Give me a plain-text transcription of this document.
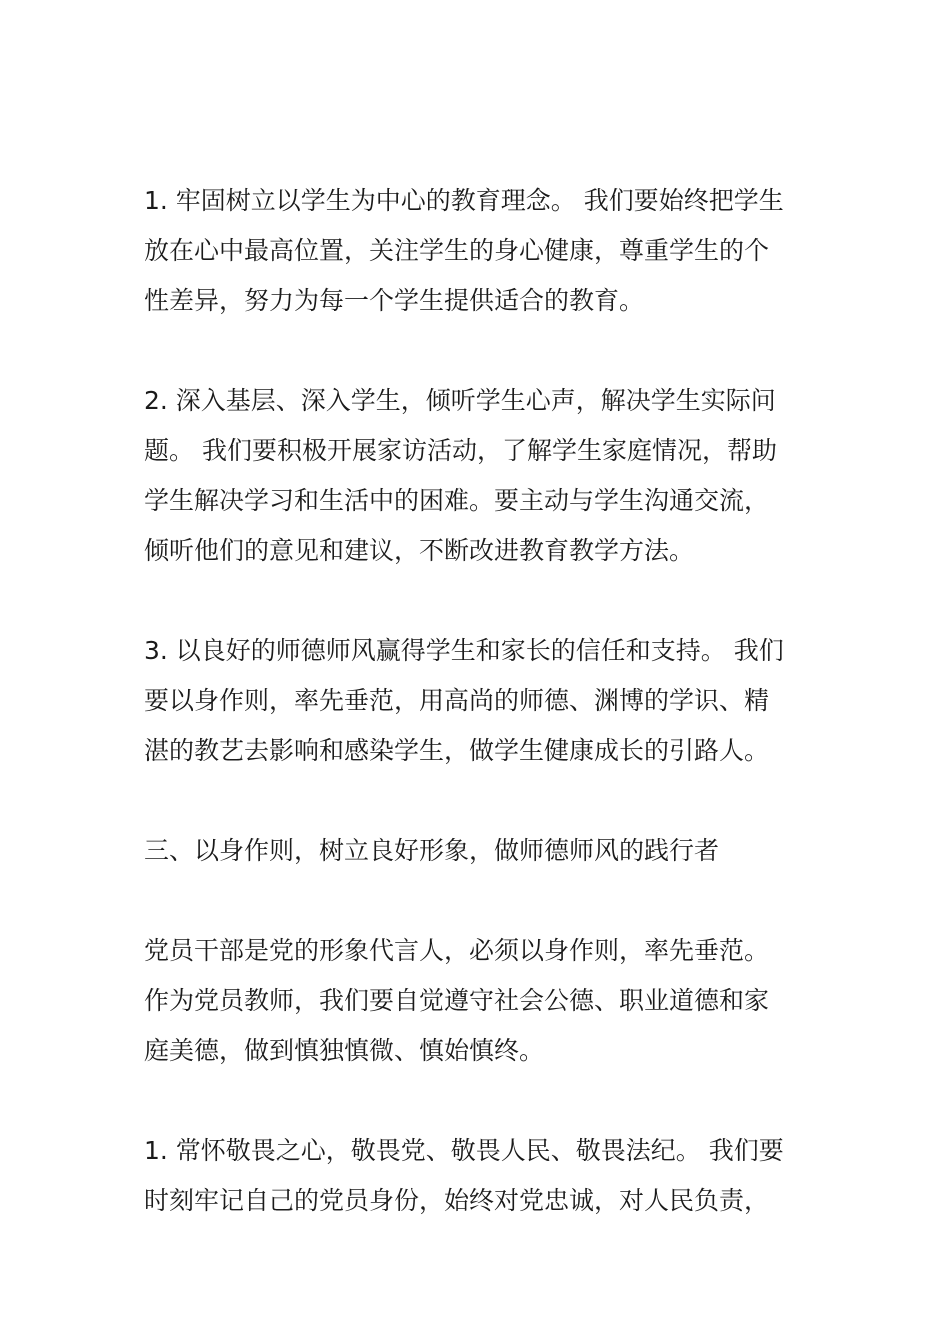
1. 牢固树立以学生为中心的教育理念。 我们要始终把学生
放在心中最高位置，关注学生的身心健康，尊重学生的个
性差异，努力为每一个学生提供适合的教育。

2. 深入基层、深入学生，倾听学生心声，解决学生实际问
题。 我们要积极开展家访活动，了解学生家庭情况，帮助
学生解决学习和生活中的困难。要主动与学生沟通交流，
倾听他们的意见和建议，不断改进教育教学方法。

3. 以良好的师德师风赢得学生和家长的信任和支持。 我们
要以身作则，率先垂范，用高尚的师德、渊博的学识、精
湛的教艺去影响和感染学生，做学生健康成长的引路人。

三、以身作则，树立良好形象，做师德师风的践行者

党员干部是党的形象代言人，必须以身作则，率先垂范。
作为党员教师，我们要自觉遵守社会公德、职业道德和家
庭美德，做到慎独慎微、慎始慎终。

1. 常怀敬畏之心，敬畏党、敬畏人民、敬畏法纪。 我们要
时刻牢记自己的党员身份，始终对党忠诚，对人民负责，
